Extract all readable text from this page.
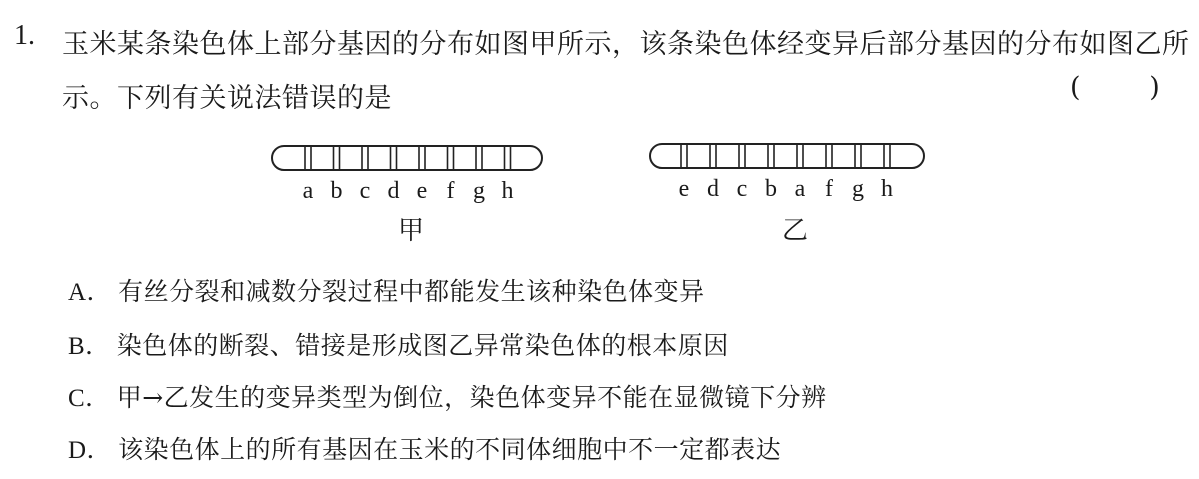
1. 玉米某条染色体上部分基因的分布如图甲所示，该条染色体经变异后部分基因的分布如图乙所示。下列有关说法错误的是	(        )
a b c d e f g h
甲
e d c b a f g h
乙
A． 有丝分裂和减数分裂过程中都能发生该种染色体变异
B． 染色体的断裂、错接是形成图乙异常染色体的根本原因
C． 甲→乙发生的变异类型为倒位，染色体变异不能在显微镜下分辨
D． 该染色体上的所有基因在玉米的不同体细胞中不一定都表达
